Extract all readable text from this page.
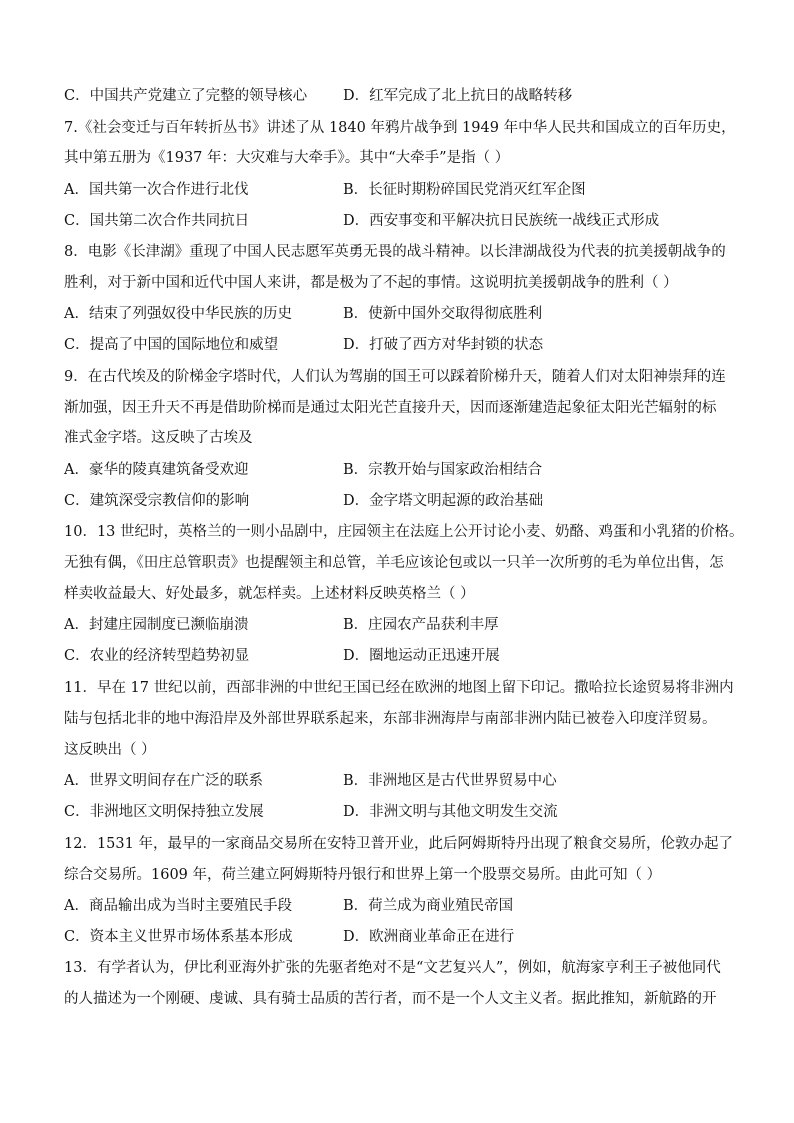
C．中国共产党建立了完整的领导核心 D．红军完成了北上抗日的战略转移
7.《社会变迁与百年转折丛书》讲述了从 1840 年鸦片战争到 1949 年中华人民共和国成立的百年历史，
其中第五册为《1937 年：大灾难与大牵手》。其中“大牵手”是指（ ）
A．国共第一次合作进行北伐	B．长征时期粉碎国民党消灭红军企图
C．国共第二次合作共同抗日	D．西安事变和平解决抗日民族统一战线正式形成
8．电影《长津湖》重现了中国人民志愿军英勇无畏的战斗精神。以长津湖战役为代表的抗美援朝战争的
胜利，对于新中国和近代中国人来讲，都是极为了不起的事情。这说明抗美援朝战争的胜利（ ）
A．结束了列强奴役中华民族的历史	B．使新中国外交取得彻底胜利
C．提高了中国的国际地位和威望	D．打破了西方对华封锁的状态
9．在古代埃及的阶梯金字塔时代，人们认为驾崩的国王可以踩着阶梯升天，随着人们对太阳神崇拜的连
渐加强，因王升天不再是借助阶梯而是通过太阳光芒直接升天，因而逐渐建造起象征太阳光芒辐射的标
准式金字塔。这反映了古埃及
A．豪华的陵真建筑备受欢迎	B．宗教开始与国家政治相结合
C．建筑深受宗教信仰的影响	D．金字塔文明起源的政治基础
10．13 世纪时，英格兰的一则小品剧中，庄园领主在法庭上公开讨论小麦、奶酪、鸡蛋和小乳猪的价格。
无独有偶，《田庄总管职责》也提醒领主和总管，羊毛应该论包或以一只羊一次所剪的毛为单位出售，怎
样卖收益最大、好处最多，就怎样卖。上述材料反映英格兰（ ）
A．封建庄园制度已濒临崩溃	B．庄园农产品获利丰厚
C．农业的经济转型趋势初显	D．圈地运动正迅速开展
11．早在 17 世纪以前，西部非洲的中世纪王国已经在欧洲的地图上留下印记。撒哈拉长途贸易将非洲内
陆与包括北非的地中海沿岸及外部世界联系起来，东部非洲海岸与南部非洲内陆已被卷入印度洋贸易。
这反映出（ ）
A．世界文明间存在广泛的联系	B．非洲地区是古代世界贸易中心
C．非洲地区文明保持独立发展	D．非洲文明与其他文明发生交流
12．1531 年，最早的一家商品交易所在安特卫普开业，此后阿姆斯特丹出现了粮食交易所，伦敦办起了
综合交易所。1609 年，荷兰建立阿姆斯特丹银行和世界上第一个股票交易所。由此可知（ ）
A．商品输出成为当时主要殖民手段	B．荷兰成为商业殖民帝国
C．资本主义世界市场体系基本形成	D．欧洲商业革命正在进行
13．有学者认为，伊比利亚海外扩张的先驱者绝对不是“文艺复兴人”，例如，航海家亨利王子被他同代
的人描述为一个刚硬、虔诚、具有骑士品质的苦行者，而不是一个人文主义者。据此推知，新航路的开
